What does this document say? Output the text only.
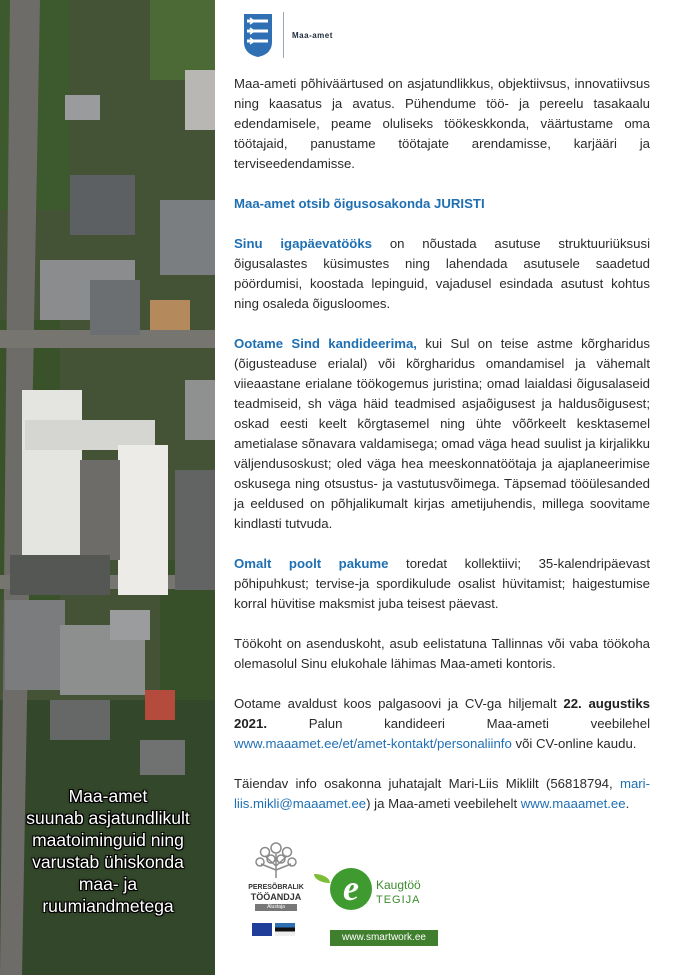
Maa-amet
suunab asjatundlikult
maatoiminguid ning
varustab ühiskonda
maa- ja
ruumiandmetega
Maa-amet

Maa-ameti põhiväärtused on asjatundlikkus, objektiivsus, innovatiivsus ning kaasatus ja avatus. Pühendume töö- ja pereelu tasakaalu edendamisele, peame oluliseks töökeskkonda, väärtustame oma töötajaid, panustame töötajate arendamisse, karjääri ja terviseedendamisse.

Maa-amet otsib õigusosakonda JURISTI

Sinu igapäevatööks on nõustada asutuse struktuuriüksusi õigusalastes küsimustes ning lahendada asutusele saadetud pöördumisi, koostada lepinguid, vajadusel esindada asutust kohtus ning osaleda õigusloomes.

Ootame Sind kandideerima, kui Sul on teise astme kõrgharidus (õigusteaduse erialal) või kõrgharidus omandamisel ja vähemalt viieaastane erialane töökogemus juristina; omad laialdasi õigusalaseid teadmiseid, sh väga häid teadmised asjaõigusest ja haldusõigusest; oskad eesti keelt kõrgtasemel ning ühte võõrkeelt kesktasemel ametialase sõnavara valdamisega; omad väga head suulist ja kirjalikku väljendusoskust; oled väga hea meeskonnatöötaja ja ajaplaneerimise oskusega ning otsustus- ja vastutusvõimega. Täpsemad tööülesanded ja eeldused on põhjalikumalt kirjas ametijuhendis, millega soovitame kindlasti tutvuda.

Omalt poolt pakume toredat kollektiivi; 35-kalendripäevast põhipuhkust; tervise-ja spordikulude osalist hüvitamist; haigestumise korral hüvitise maksmist juba teisest päevast.

Töökoht on asenduskoht, asub eelistatuna Tallinnas või vaba töökoha olemasolul Sinu elukohale lähimas Maa-ameti kontoris.

Ootame avaldust koos palgasoovi ja CV-ga hiljemalt 22. augustiks 2021. Palun kandideeri Maa-ameti veebilehel www.maaamet.ee/et/amet-kontakt/personaliinfo või CV-online kaudu.

Täiendav info osakonna juhatajalt Mari-Liis Miklilt (56818794, mari-liis.mikli@maaamet.ee) ja Maa-ameti veebilehelt www.maaamet.ee.

PERESÕBRALIK
TÖÖANDJA
Alustaja	e	Kaugtöö
TEGIJA
www.smartwork.ee
